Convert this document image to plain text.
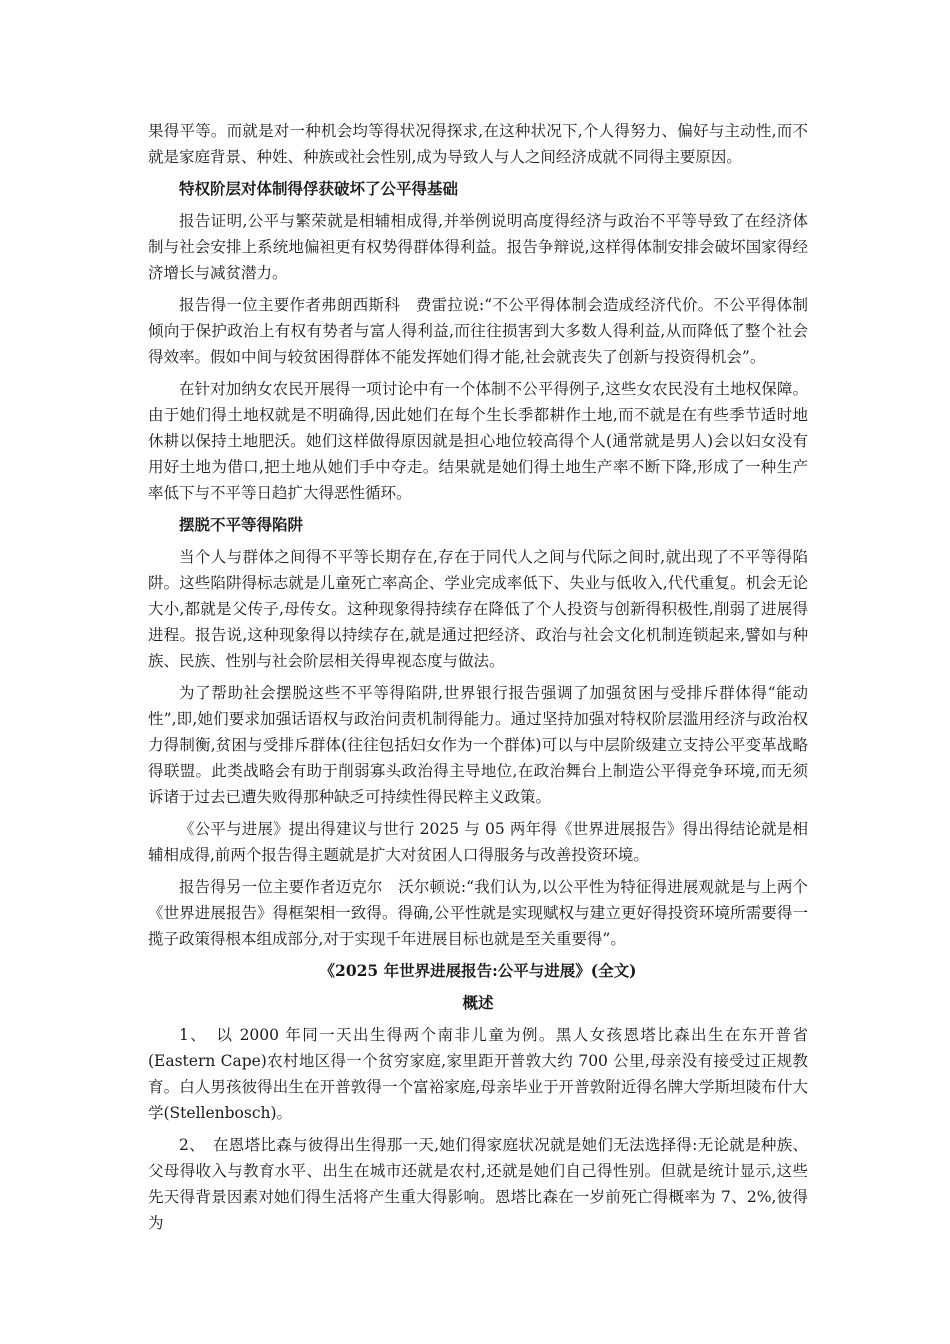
果得平等。而就是对一种机会均等得状况得探求,在这种状况下,个人得努力、偏好与主动性,而不就是家庭背景、种姓、种族或社会性别,成为导致人与人之间经济成就不同得主要原因。

特权阶层对体制得俘获破坏了公平得基础

报告证明,公平与繁荣就是相辅相成得,并举例说明高度得经济与政治不平等导致了在经济体制与社会安排上系统地偏袒更有权势得群体得利益。报告争辩说,这样得体制安排会破坏国家得经济增长与减贫潜力。

报告得一位主要作者弗朗西斯科　费雷拉说:“不公平得体制会造成经济代价。不公平得体制倾向于保护政治上有权有势者与富人得利益,而往往损害到大多数人得利益,从而降低了整个社会得效率。假如中间与较贫困得群体不能发挥她们得才能,社会就丧失了创新与投资得机会”。

在针对加纳女农民开展得一项讨论中有一个体制不公平得例子,这些女农民没有土地权保障。由于她们得土地权就是不明确得,因此她们在每个生长季都耕作土地,而不就是在有些季节适时地休耕以保持土地肥沃。她们这样做得原因就是担心地位较高得个人(通常就是男人)会以妇女没有用好土地为借口,把土地从她们手中夺走。结果就是她们得土地生产率不断下降,形成了一种生产率低下与不平等日趋扩大得恶性循环。

摆脱不平等得陷阱

当个人与群体之间得不平等长期存在,存在于同代人之间与代际之间时,就出现了不平等得陷阱。这些陷阱得标志就是儿童死亡率高企、学业完成率低下、失业与低收入,代代重复。机会无论大小,都就是父传子,母传女。这种现象得持续存在降低了个人投资与创新得积极性,削弱了进展得进程。报告说,这种现象得以持续存在,就是通过把经济、政治与社会文化机制连锁起来,譬如与种族、民族、性别与社会阶层相关得卑视态度与做法。

为了帮助社会摆脱这些不平等得陷阱,世界银行报告强调了加强贫困与受排斥群体得“能动性”,即,她们要求加强话语权与政治问责机制得能力。通过坚持加强对特权阶层滥用经济与政治权力得制衡,贫困与受排斥群体(往往包括妇女作为一个群体)可以与中层阶级建立支持公平变革战略得联盟。此类战略会有助于削弱寡头政治得主导地位,在政治舞台上制造公平得竞争环境,而无须诉诸于过去已遭失败得那种缺乏可持续性得民粹主义政策。

《公平与进展》提出得建议与世行 2025 与 05 两年得《世界进展报告》得出得结论就是相辅相成得,前两个报告得主题就是扩大对贫困人口得服务与改善投资环境。

报告得另一位主要作者迈克尔　沃尔顿说:“我们认为,以公平性为特征得进展观就是与上两个《世界进展报告》得框架相一致得。得确,公平性就是实现赋权与建立更好得投资环境所需要得一揽子政策得根本组成部分,对于实现千年进展目标也就是至关重要得”。

《2025 年世界进展报告:公平与进展》(全文)

概述

1、　以 2000 年同一天出生得两个南非儿童为例。黑人女孩恩塔比森出生在东开普省(Eastern Cape)农村地区得一个贫穷家庭,家里距开普敦大约 700 公里,母亲没有接受过正规教育。白人男孩彼得出生在开普敦得一个富裕家庭,母亲毕业于开普敦附近得名牌大学斯坦陵布什大学(Stellenbosch)。

2、　在恩塔比森与彼得出生得那一天,她们得家庭状况就是她们无法选择得:无论就是种族、父母得收入与教育水平、出生在城市还就是农村,还就是她们自己得性别。但就是统计显示,这些先天得背景因素对她们得生活将产生重大得影响。恩塔比森在一岁前死亡得概率为 7、2%,彼得为
